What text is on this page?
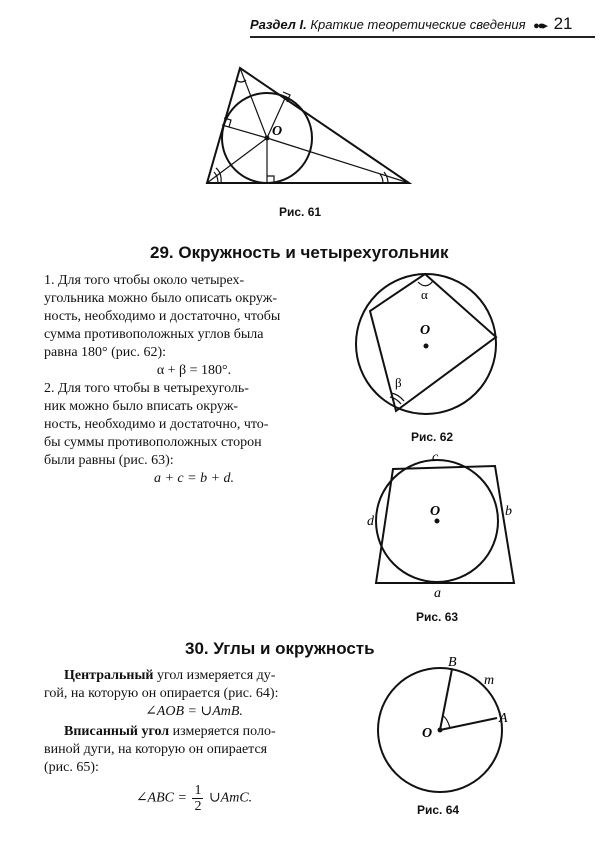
Раздел I. Краткие теоретические сведения ●●▸ 21
O
Рис. 61
29. Окружность и четырехугольник

1. Для того чтобы около четырех-

угольника можно было описать окруж-

ность, необходимо и достаточно, чтобы

сумма противоположных углов была

равна 180° (рис. 62):

α + β = 180°.

2. Для того чтобы в четырехуголь-

ник можно было вписать окруж-

ность, необходимо и достаточно, что-

бы суммы противоположных сторон

были равны (рис. 63):

a + c = b + d.

O
α
β
Рис. 62
O
c
b
d
a
Рис. 63
30. Углы и окружность

Центральный угол измеряется ду-

гой, на которую он опирается (рис. 64):

∠AOB = ∪AmB.

Вписанный угол измеряется поло-

виной дуги, на которую он опирается

(рис. 65):

∠ABC = $\frac{1}{2}$ ∪AmC.
O
B
A
m
Рис. 64
